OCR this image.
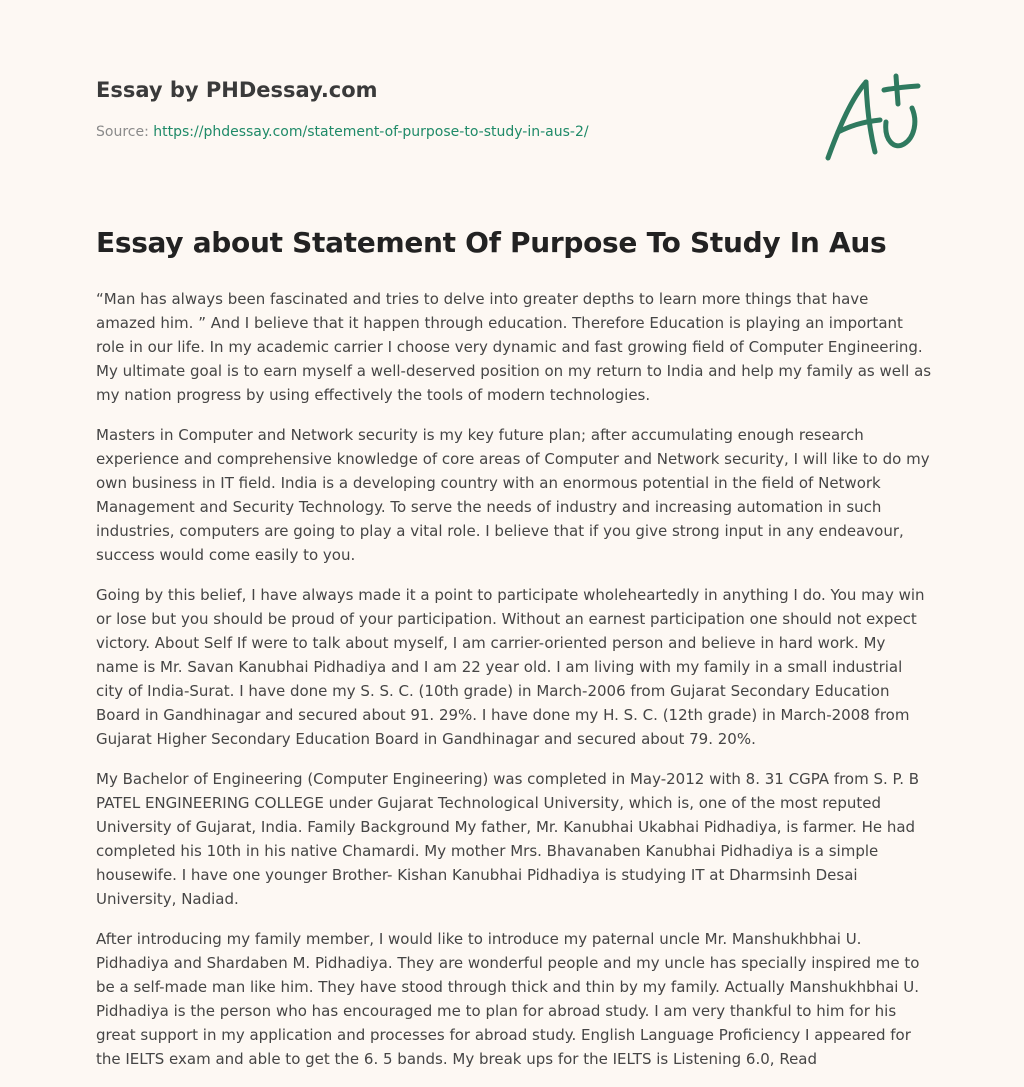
Essay by PHDessay.com
Source: https://phdessay.com/statement-of-purpose-to-study-in-aus-2/
Essay about Statement Of Purpose To Study In Aus

“Man has always been fascinated and tries to delve into greater depths to learn more things that have amazed him. ” And I believe that it happen through education. Therefore Education is playing an important role in our life. In my academic carrier I choose very dynamic and fast growing field of Computer Engineering. My ultimate goal is to earn myself a well-deserved position on my return to India and help my family as well as my nation progress by using effectively the tools of modern technologies.

Masters in Computer and Network security is my key future plan; after accumulating enough research experience and comprehensive knowledge of core areas of Computer and Network security, I will like to do my own business in IT field. India is a developing country with an enormous potential in the field of Network Management and Security Technology. To serve the needs of industry and increasing automation in such industries, computers are going to play a vital role. I believe that if you give strong input in any endeavour, success would come easily to you.

Going by this belief, I have always made it a point to participate wholeheartedly in anything I do. You may win or lose but you should be proud of your participation. Without an earnest participation one should not expect victory. About Self If were to talk about myself, I am carrier-oriented person and believe in hard work. My name is Mr. Savan Kanubhai Pidhadiya and I am 22 year old. I am living with my family in a small industrial city of India-Surat. I have done my S. S. C. (10th grade) in March-2006 from Gujarat Secondary Education Board in Gandhinagar and secured about 91. 29%. I have done my H. S. C. (12th grade) in March-2008 from Gujarat Higher Secondary Education Board in Gandhinagar and secured about 79. 20%.

My Bachelor of Engineering (Computer Engineering) was completed in May-2012 with 8. 31 CGPA from S. P. B PATEL ENGINEERING COLLEGE under Gujarat Technological University, which is, one of the most reputed University of Gujarat, India. Family Background My father, Mr. Kanubhai Ukabhai Pidhadiya, is farmer. He had completed his 10th in his native Chamardi. My mother Mrs. Bhavanaben Kanubhai Pidhadiya is a simple housewife. I have one younger Brother- Kishan Kanubhai Pidhadiya is studying IT at Dharmsinh Desai University, Nadiad.

After introducing my family member, I would like to introduce my paternal uncle Mr. Manshukhbhai U. Pidhadiya and Shardaben M. Pidhadiya. They are wonderful people and my uncle has specially inspired me to be a self-made man like him. They have stood through thick and thin by my family. Actually Manshukhbhai U. Pidhadiya is the person who has encouraged me to plan for abroad study. I am very thankful to him for his great support in my application and processes for abroad study. English Language Proficiency I appeared for the IELTS exam and able to get the 6. 5 bands. My break ups for the IELTS is Listening 6.0, Read
